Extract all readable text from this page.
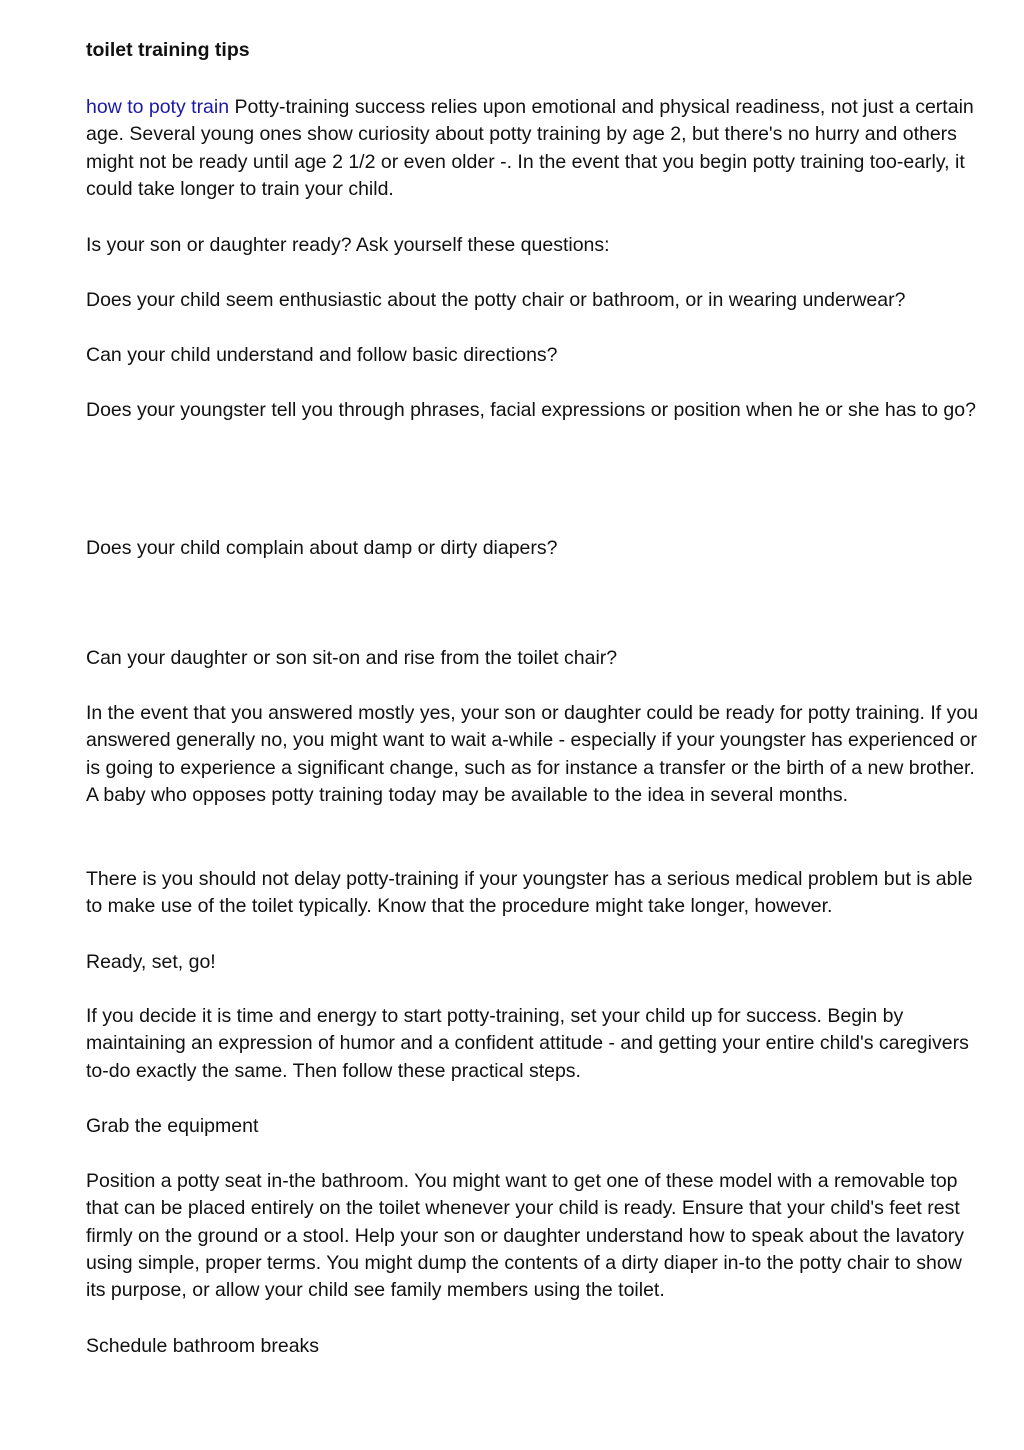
toilet training tips

how to poty train Potty-training success relies upon emotional and physical readiness, not just a certain age. Several young ones show curiosity about potty training by age 2, but there's no hurry and others might not be ready until age 2 1/2 or even older -. In the event that you begin potty training too-early, it could take longer to train your child.

Is your son or daughter ready? Ask yourself these questions:

Does your child seem enthusiastic about the potty chair or bathroom, or in wearing underwear?

Can your child understand and follow basic directions?

Does your youngster tell you through phrases, facial expressions or position when he or she has to go?

Does your child complain about damp or dirty diapers?

Can your daughter or son sit-on and rise from the toilet chair?

In the event that you answered mostly yes, your son or daughter could be ready for potty training. If you answered generally no, you might want to wait a-while - especially if your youngster has experienced or is going to experience a significant change, such as for instance a transfer or the birth of a new brother. A baby who opposes potty training today may be available to the idea in several months.

There is you should not delay potty-training if your youngster has a serious medical problem but is able to make use of the toilet typically. Know that the procedure might take longer, however.

Ready, set, go!

If you decide it is time and energy to start potty-training, set your child up for success. Begin by maintaining an expression of humor and a confident attitude - and getting your entire child's caregivers to-do exactly the same. Then follow these practical steps.

Grab the equipment

Position a potty seat in-the bathroom. You might want to get one of these model with a removable top that can be placed entirely on the toilet whenever your child is ready. Ensure that your child's feet rest firmly on the ground or a stool. Help your son or daughter understand how to speak about the lavatory using simple, proper terms. You might dump the contents of a dirty diaper in-to the potty chair to show its purpose, or allow your child see family members using the toilet.

Schedule bathroom breaks
